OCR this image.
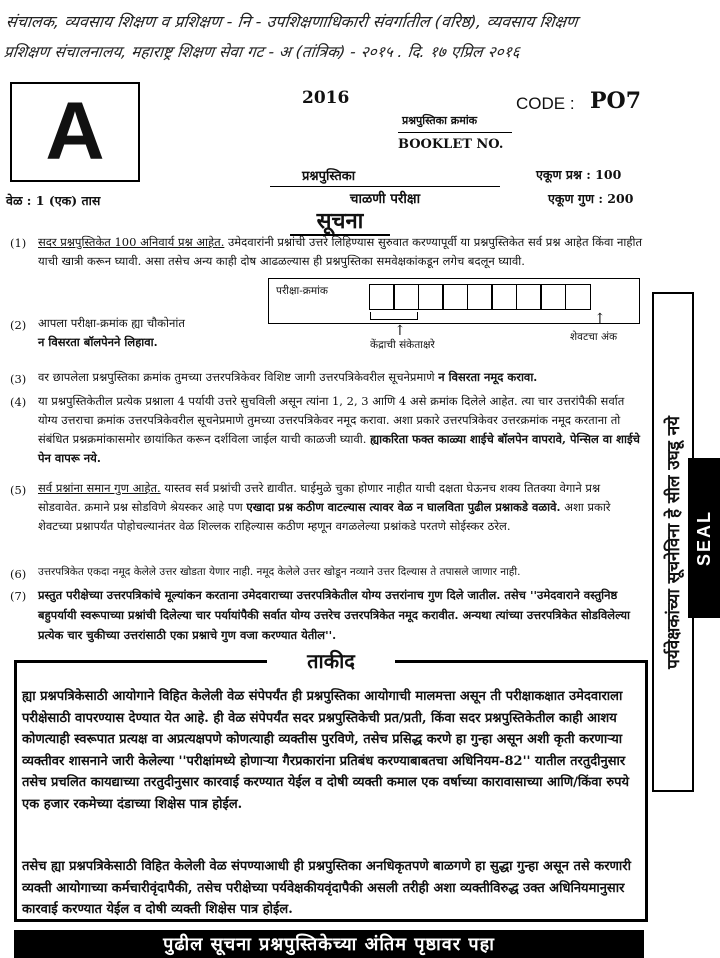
संचालक, व्यवसाय शिक्षण व प्रशिक्षण - नि - उपशिक्षणाधिकारी संवर्गातील (वरिष्ठ), व्यवसाय शिक्षण
प्रशिक्षण संचालनालय, महाराष्ट्र शिक्षण सेवा गट - अ (तांत्रिक) - २०१५ . दि. १७ एप्रिल २०१६
A	2016	CODE : PO7
प्रश्नपुस्तिका क्रमांक
BOOKLET NO.
प्रश्नपुस्तिका
चाळणी परीक्षा
वेळ : 1 (एक) तास
एकूण प्रश्न : 100
एकूण गुण : 200
सूचना
(1) सदर प्रश्नपुस्तिकेत 100 अनिवार्य प्रश्न आहेत. उमेदवारांनी प्रश्नांची उत्तरे लिहिण्यास सुरुवात करण्यापूर्वी या प्रश्नपुस्तिकेत सर्व प्रश्न आहेत किंवा नाहीत याची खात्री करून घ्यावी. असा तसेच अन्य काही दोष आढळल्यास ही प्रश्नपुस्तिका समवेक्षकांकडून लगेच बदलून घ्यावी.
परीक्षा-क्रमांक
↑
↑
केंद्राची संकेताक्षरे
शेवटचा अंक
(2) आपला परीक्षा-क्रमांक ह्या चौकोनांत
न विसरता बॉलपेनने लिहावा.
(3) वर छापलेला प्रश्नपुस्तिका क्रमांक तुमच्या उत्तरपत्रिकेवर विशिष्ट जागी उत्तरपत्रिकेवरील सूचनेप्रमाणे न विसरता नमूद करावा.
(4) या प्रश्नपुस्तिकेतील प्रत्येक प्रश्नाला 4 पर्यायी उत्तरे सुचविली असून त्यांना 1, 2, 3 आणि 4 असे क्रमांक दिलेले आहेत. त्या चार उत्तरांपैकी सर्वात योग्य उत्तराचा क्रमांक उत्तरपत्रिकेवरील सूचनेप्रमाणे तुमच्या उत्तरपत्रिकेवर नमूद करावा. अशा प्रकारे उत्तरपत्रिकेवर उत्तरक्रमांक नमूद करताना तो संबंधित प्रश्नक्रमांकासमोर छायांकित करून दर्शविला जाईल याची काळजी घ्यावी. ह्याकरिता फक्त काळ्या शाईचे बॉलपेन वापरावे, पेन्सिल वा शाईचे पेन वापरू नये.
(5) सर्व प्रश्नांना समान गुण आहेत. यास्तव सर्व प्रश्नांची उत्तरे द्यावीत. घाईमुळे चुका होणार नाहीत याची दक्षता घेऊनच शक्य तितक्या वेगाने प्रश्न सोडवावेत. क्रमाने प्रश्न सोडविणे श्रेयस्कर आहे पण एखादा प्रश्न कठीण वाटल्यास त्यावर वेळ न घालविता पुढील प्रश्नाकडे वळावे. अशा प्रकारे शेवटच्या प्रश्नापर्यंत पोहोचल्यानंतर वेळ शिल्लक राहिल्यास कठीण म्हणून वगळलेल्या प्रश्नांकडे परतणे सोईस्कर ठरेल.
(6) उत्तरपत्रिकेत एकदा नमूद केलेले उत्तर खोडता येणार नाही. नमूद केलेले उत्तर खोडून नव्याने उत्तर दिल्यास ते तपासले जाणार नाही.
(7) प्रस्तुत परीक्षेच्या उत्तरपत्रिकांचे मूल्यांकन करताना उमेदवाराच्या उत्तरपत्रिकेतील योग्य उत्तरांनाच गुण दिले जातील. तसेच ''उमेदवाराने वस्तुनिष्ठ बहुपर्यायी स्वरूपाच्या प्रश्नांची दिलेल्या चार पर्यायांपैकी सर्वात योग्य उत्तरेच उत्तरपत्रिकेत नमूद करावीत. अन्यथा त्यांच्या उत्तरपत्रिकेत सोडविलेल्या प्रत्येक चार चुकीच्या उत्तरांसाठी एका प्रश्नाचे गुण वजा करण्यात येतील''.	पर्यवेक्षकांच्या सूचनेविना हे सील उघडू नये SEAL
ताकीद
ह्या प्रश्नपत्रिकेसाठी आयोगाने विहित केलेली वेळ संपेपर्यंत ही प्रश्नपुस्तिका आयोगाची मालमत्ता असून ती परीक्षाकक्षात उमेदवाराला परीक्षेसाठी वापरण्यास देण्यात येत आहे. ही वेळ संपेपर्यंत सदर प्रश्नपुस्तिकेची प्रत/प्रती, किंवा सदर प्रश्नपुस्तिकेतील काही आशय कोणत्याही स्वरूपात प्रत्यक्ष वा अप्रत्यक्षपणे कोणत्याही व्यक्तीस पुरविणे, तसेच प्रसिद्ध करणे हा गुन्हा असून अशी कृती करणाऱ्या व्यक्तीवर शासनाने जारी केलेल्या ''परीक्षांमध्ये होणाऱ्या गैरप्रकारांना प्रतिबंध करण्याबाबतचा अधिनियम-82'' यातील तरतुदीनुसार तसेच प्रचलित कायद्याच्या तरतुदीनुसार कारवाई करण्यात येईल व दोषी व्यक्ती कमाल एक वर्षाच्या कारावासाच्या आणि/किंवा रुपये एक हजार रकमेच्या दंडाच्या शिक्षेस पात्र होईल.
तसेच ह्या प्रश्नपत्रिकेसाठी विहित केलेली वेळ संपण्याआधी ही प्रश्नपुस्तिका अनधिकृतपणे बाळगणे हा सुद्धा गुन्हा असून तसे करणारी व्यक्ती आयोगाच्या कर्मचारीवृंदापैकी, तसेच परीक्षेच्या पर्यवेक्षकीयवृंदापैकी असली तरीही अशा व्यक्तीविरुद्ध उक्त अधिनियमानुसार कारवाई करण्यात येईल व दोषी व्यक्ती शिक्षेस पात्र होईल.
पुढील सूचना प्रश्नपुस्तिकेच्या अंतिम पृष्ठावर पहा
